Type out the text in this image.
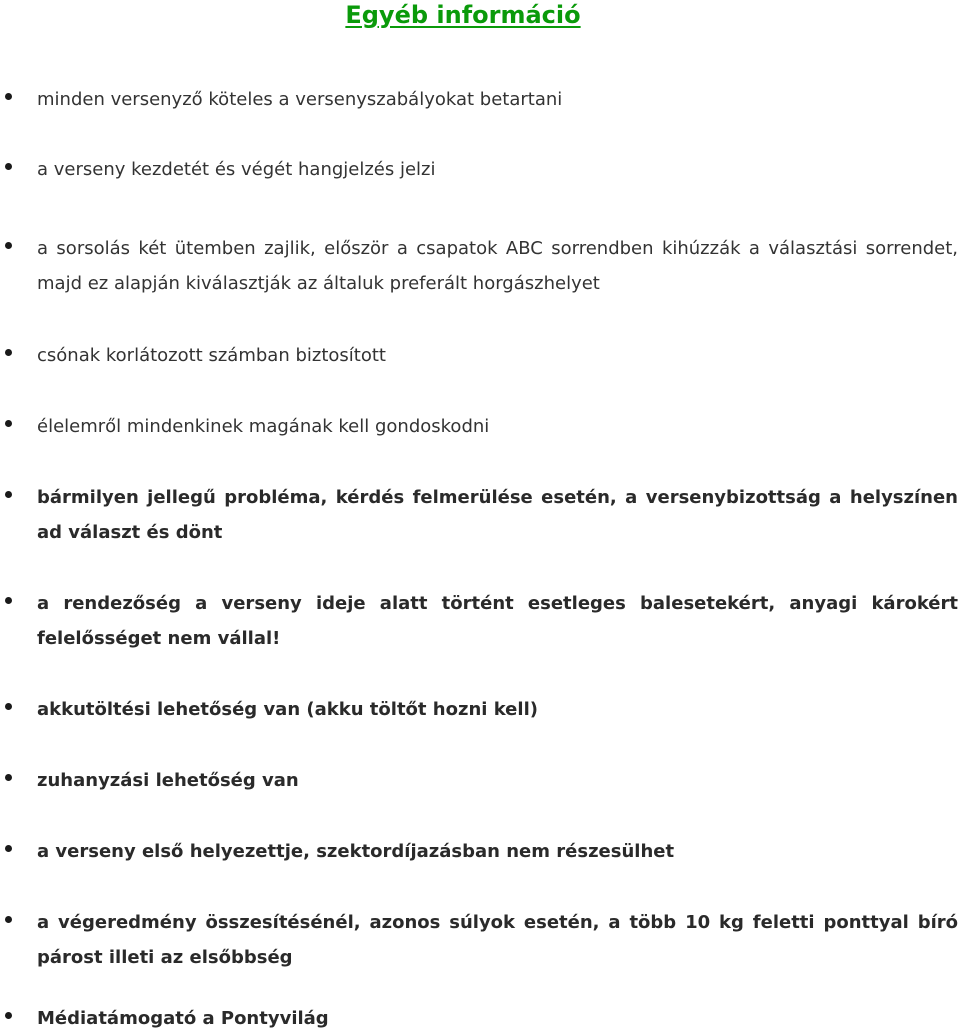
Egyéb információ
minden versenyző köteles a versenyszabályokat betartani
a verseny kezdetét és végét hangjelzés jelzi
a sorsolás két ütemben zajlik, először a csapatok ABC sorrendben kihúzzák a választási sorrendet, majd ez alapján kiválasztják az általuk preferált horgászhelyet
csónak korlátozott számban biztosított
élelemről mindenkinek magának kell gondoskodni
bármilyen jellegű probléma, kérdés felmerülése esetén, a versenybizottság a helyszínen ad választ és dönt
a rendezőség a verseny ideje alatt történt esetleges balesetekért, anyagi károkért felelősséget nem vállal!
akkutöltési lehetőség van (akku töltőt hozni kell)
zuhanyzási lehetőség van
a verseny első helyezettje, szektordíjazásban nem részesülhet
a végeredmény összesítésénél, azonos súlyok esetén, a több 10 kg feletti ponttyal bíró párost illeti az elsőbbség
Médiatámogató a Pontyvilág
